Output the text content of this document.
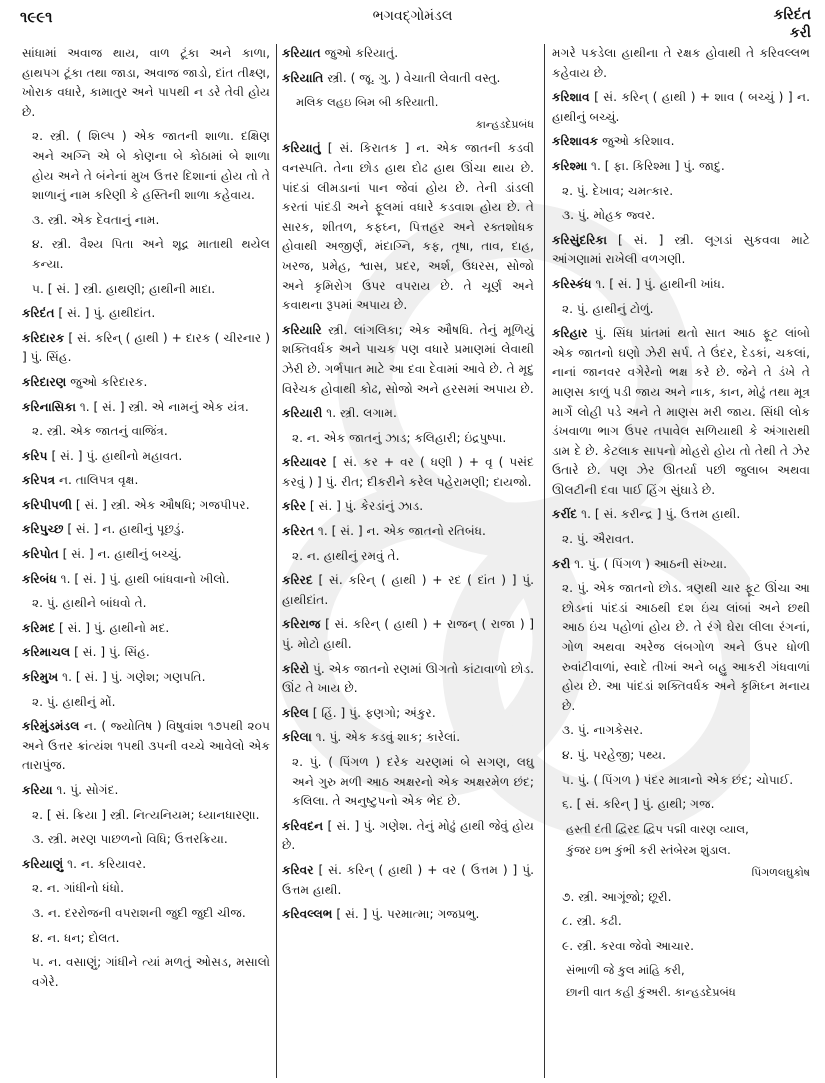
૧૯૯૧	ભગવદ્ગોમંડલ	કરિદંત
કરી
સાંધામાં અવાજ થાય, વાળ ટૂંકા અને કાળા, હાથપગ ટૂંકા તથા જાડા, અવાજ જાડો, દાંત તીક્ષ્ણ, ખોરાક વધારે, કામાતુર અને પાપથી ન ડરે તેવી હોય છે.
૨. સ્ત્રી. ( શિલ્પ ) એક જાતની શાળા. દક્ષિણ અને અગ્નિ એ બે કોણના બે કોઠામાં બે શાળા હોય અને તે બંનેનાં મુખ ઉત્તર દિશાનાં હોય તો તે શાળાનું નામ કરિણી કે હસ્તિની શાળા કહેવાય.
૩. સ્ત્રી. એક દેવતાનું નામ.
૪. સ્ત્રી. વૈશ્ય પિતા અને શૂદ્ર માતાથી થયેલ કન્યા.
૫. [ સં. ] સ્ત્રી. હાથણી; હાથીની માદા.
કરિદંત [ સં. ] પું. હાથીદાંત.
કરિદારક [ સં. કરિન્ ( હાથી ) + દારક ( ચીરનાર ) ] પું. સિંહ.
કરિદારણ જુઓ કરિદારક.
કરિનાસિકા ૧. [ સં. ] સ્ત્રી. એ નામનું એક યંત્ર.
૨. સ્ત્રી. એક જાતનું વાજિંત્ર.
કરિપ [ સં. ] પું. હાથીનો મહાવત.
કરિપત્ર ન. તાલિપત્ર વૃક્ષ.
કરિપીપળી [ સં. ] સ્ત્રી. એક ઔષધિ; ગજપીપર.
કરિપુચ્છ [ સં. ] ન. હાથીનું પૂછડું.
કરિપોત [ સં. ] ન. હાથીનું બચ્ચું.
કરિબંધ ૧. [ સં. ] પું. હાથી બાંધવાનો ખીલો.
૨. પું. હાથીને બાંધવો તે.
કરિમદ [ સં. ] પું. હાથીનો મદ.
કરિમાચલ [ સં. ] પું. સિંહ.
કરિમુખ ૧. [ સં. ] પું. ગણેશ; ગણપતિ.
૨. પું. હાથીનું મોં.
કરિમુંડમંડલ ન. ( જ્યોતિષ ) વિષુવાંશ ૧૭૫થી ૨૦૫ અને ઉત્તર ક્રાંત્યંશ ૧૫થી ૩૫ની વચ્ચે આવેલો એક તારાપુંજ.
કરિયા ૧. પું. સોગંદ.
૨. [ સં. ક્રિયા ] સ્ત્રી. નિત્યનિયમ; ધ્યાનધારણા.
૩. સ્ત્રી. મરણ પાછળનો વિધિ; ઉત્તરક્રિયા.
કરિયાણું ૧. ન. કરિયાવર.
૨. ન. ગાંધીનો ધંધો.
૩. ન. દરરોજની વપરાશની જુદી જુદી ચીજ.
૪. ન. ધન; દોલત.
૫. ન. વસાણું; ગાંધીને ત્યાં મળતું ઓસડ, મસાલો વગેરે.
કરિયાત જુઓ કરિયાતું.
કરિયાતિ સ્ત્રી. ( જૂ. ગુ. ) વેચાતી લેવાતી વસ્તુ.
મલિક લહઇ બિમ બી કરિયાતી.
કાન્હડદેપ્રબંધ
કરિયાતું [ સં. કિરાતક ] ન. એક જાતની કડવી વનસ્પતિ. તેના છોડ હાથ દોઢ હાથ ઊંચા થાય છે. પાંદડાં લીમડાનાં પાન જેવાં હોય છે. તેની ડાંડલી કરતાં પાંદડી અને ફૂલમાં વધારે કડવાશ હોય છે. તે સારક, શીતળ, કફઘ્ન, પિત્તહર અને રક્તશોધક હોવાથી અજીર્ણ, મંદાગ્નિ, કફ, તૃષા, તાવ, દાહ, ખરજ, પ્રમેહ, શ્વાસ, પ્રદર, અર્શ, ઉધરસ, સોજો અને કૃમિરોગ ઉપર વપરાય છે. તે ચૂર્ણ અને કવાથના રૂપમાં અપાય છે.
કરિયારિ સ્ત્રી. લાંગલિકા; એક ઔષધિ. તેનું મૂળિયું શક્તિવર્ધક અને પાચક પણ વધારે પ્રમાણમાં લેવાથી ઝેરી છે. ગર્ભપાત માટે આ દવા દેવામાં આવે છે. તે મૃદુ વિરેચક હોવાથી કોઢ, સોજો અને હરસમાં અપાય છે.
કરિયારી ૧. સ્ત્રી. લગામ.
૨. ન. એક જાતનું ઝાડ; કલિહારી; ઇંદ્રપુષ્પા.
કરિયાવર [ સં. કર + વર ( ધણી ) + વૃ ( પસંદ કરવું ) ] પું. રીત; દીકરીને કરેલ પહેરામણી; દાયજો.
કરિર [ સં. ] પું. કેરડાંનું ઝાડ.
કરિરત ૧. [ સં. ] ન. એક જાતનો રતિબંધ.
૨. ન. હાથીનું રમવું તે.
કરિરદ [ સં. કરિન્ ( હાથી ) + રદ ( દાંત ) ] પું. હાથીદાંત.
કરિરાજ [ સં. કરિન્ ( હાથી ) + રાજન્ ( રાજા ) ] પું. મોટો હાથી.
કરિરો પું. એક જાતનો રણમાં ઊગતો કાંટાવાળો છોડ. ઊંટ તે ખાય છે.
કરિલ [ હિં. ] પું. ફણગો; અંકુર.
કરિલા ૧. પું. એક કડવું શાક; કારેલાં.
૨. પું. ( પિંગળ ) દરેક ચરણમાં બે સગણ, લઘુ અને ગુરુ મળી આઠ અક્ષરનો એક અક્ષરમેળ છંદ; કલિલા. તે અનુષ્ટુપનો એક ભેદ છે.
કરિવદન [ સં. ] પું. ગણેશ. તેનું મોઢું હાથી જેવું હોય છે.
કરિવર [ સં. કરિન્ ( હાથી ) + વર ( ઉત્તમ ) ] પું. ઉત્તમ હાથી.
કરિવલ્લભ [ સં. ] પું. પરમાત્મા; ગજપ્રભુ.
મગરે પકડેલા હાથીના તે રક્ષક હોવાથી તે કરિવલ્લભ કહેવાય છે.
કરિશાવ [ સં. કરિન્ ( હાથી ) + શાવ ( બચ્ચું ) ] ન. હાથીનું બચ્ચું.
કરિશાવક જુઓ કરિશાવ.
કરિશ્મા ૧. [ ફા. કિરિશ્મા ] પું. જાદુ.
૨. પું. દેખાવ; ચમત્કાર.
૩. પું. મોહક જ્વર.
કરિસુંદરિકા [ સં. ] સ્ત્રી. લૂગડાં સુકવવા માટે આંગણામાં રાખેલી વળગણી.
કરિસ્કંધ ૧. [ સં. ] પું. હાથીની ખાંધ.
૨. પું. હાથીનું ટોળું.
કરિહાર પું. સિંધ પ્રાંતમાં થતો સાત આઠ ફૂટ લાંબો એક જાતનો ઘણો ઝેરી સર્પ. તે ઉંદર, દેડકાં, ચકલાં, નાનાં જાનવર વગેરેનો ભક્ષ કરે છે. જેને તે ડંખે તે માણસ કાળું પડી જાય અને નાક, કાન, મોઢું તથા મૂત્ર માર્ગે લોહી પડે અને તે માણસ મરી જાય. સિંધી લોક ડંખવાળા ભાગ ઉપર તપાવેલ સળિયાથી કે અંગારાથી ડામ દે છે. કેટલાક સાપનો મોહરો હોય તો તેથી તે ઝેર ઉતારે છે. પણ ઝેર ઊતર્યા પછી જુલાબ અથવા ઊલટીની દવા પાઈ હિંગ સુંઘાડે છે.
કરીંદ ૧. [ સં. કરીન્દ્ર ] પું. ઉત્તમ હાથી.
૨. પું. ઐરાવત.
કરી ૧. પું. ( પિંગળ ) આઠની સંખ્યા.
૨. પું. એક જાતનો છોડ. ત્રણથી ચાર ફૂટ ઊંચા આ છોડનાં પાંદડાં આઠથી દશ ઇંચ લાંબાં અને છથી આઠ ઇંચ પહોળાં હોય છે. તે રંગે ઘેરા લીલા રંગનાં, ગોળ અથવા અરેજ લંબગોળ અને ઉપર ધોળી રુવાંટીવાળાં, સ્વાદે તીખાં અને બહુ આકરી ગંધવાળાં હોય છે. આ પાંદડાં શક્તિવર્ધક અને કૃમિઘ્ન મનાય છે.
૩. પું. નાગકેસર.
૪. પું. પરહેજી; પથ્ય.
૫. પું. ( પિંગળ ) પંદર માત્રાનો એક છંદ; ચોપાઈ.
૬. [ સં. કરિન્ ] પું. હાથી; ગજ.
હસ્તી દંતી દ્વિરદ દ્વિપ પદ્મી વારણ વ્યાલ,
કુંજર ઇભ કુંભી કરી સ્તંબેરમ શુંડાલ.
પિંગળલઘુકોષ
૭. સ્ત્રી. આગૂંજો; છૂરી.
૮. સ્ત્રી. કઢી.
૯. સ્ત્રી. કરવા જેવો આચાર.
સંભાળી જે કુલ માંહિ કરી,
છાની વાત કહી કુંઅરી. કાન્હડદેપ્રબંધ
